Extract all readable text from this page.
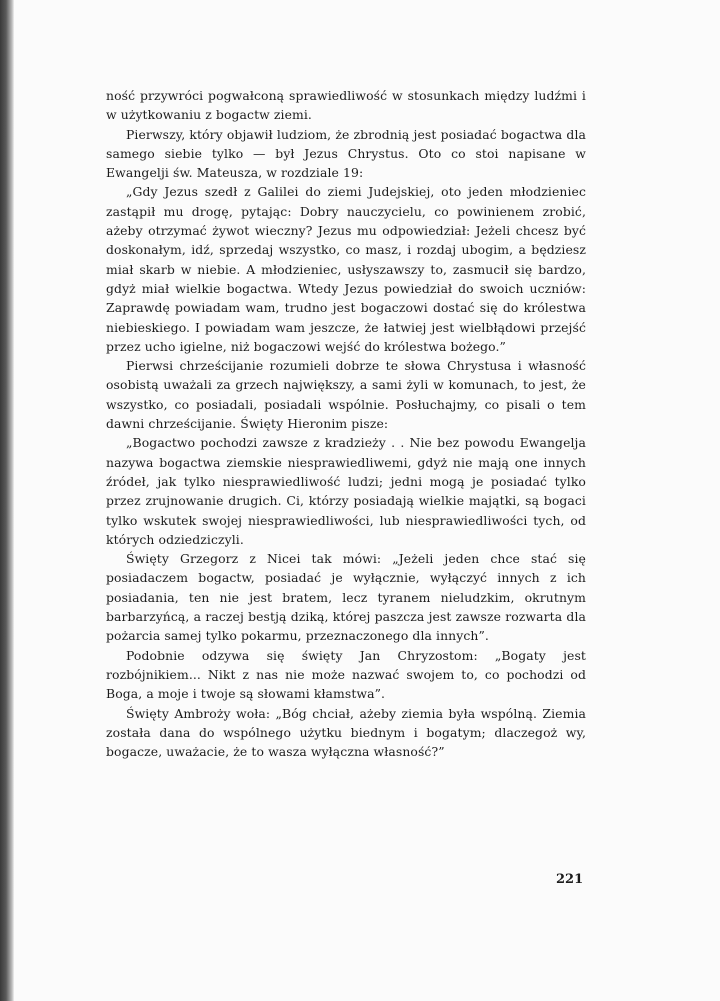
ność przywróci pogwałconą sprawiedliwość w stosunkach między ludźmi i w użytkowaniu z bogactw ziemi.

Pierwszy, który objawił ludziom, że zbrodnią jest posiadać bogactwa dla samego siebie tylko — był Jezus Chrystus. Oto co stoi napisane w Ewangelji św. Mateusza, w rozdziale 19:

„Gdy Jezus szedł z Galilei do ziemi Judejskiej, oto jeden młodzieniec zastąpił mu drogę, pytając: Dobry nauczycielu, co powinienem zrobić, ażeby otrzymać żywot wieczny? Jezus mu odpowiedział: Jeżeli chcesz być doskonałym, idź, sprzedaj wszystko, co masz, i rozdaj ubogim, a będziesz miał skarb w niebie. A młodzieniec, usłyszawszy to, zasmucił się bardzo, gdyż miał wielkie bogactwa. Wtedy Jezus powiedział do swoich uczniów: Zaprawdę powiadam wam, trudno jest bogaczowi dostać się do królestwa niebieskiego. I powiadam wam jeszcze, że łatwiej jest wielbłądowi przejść przez ucho igielne, niż bogaczowi wejść do królestwa bożego.”

Pierwsi chrześcijanie rozumieli dobrze te słowa Chrystusa i własność osobistą uważali za grzech największy, a sami żyli w komunach, to jest, że wszystko, co posiadali, posiadali wspólnie. Posłuchajmy, co pisali o tem dawni chrześcijanie. Święty Hieronim pisze:

„Bogactwo pochodzi zawsze z kradzieży . . Nie bez powodu Ewangelja nazywa bogactwa ziemskie niesprawiedliwemi, gdyż nie mają one innych źródeł, jak tylko niesprawiedliwość ludzi; jedni mogą je posiadać tylko przez zrujnowanie drugich. Ci, którzy posiadają wielkie majątki, są bogaci tylko wskutek swojej niesprawiedliwości, lub niesprawiedliwości tych, od których odziedziczyli.

Święty Grzegorz z Nicei tak mówi: „Jeżeli jeden chce stać się posiadaczem bogactw, posiadać je wyłącznie, wyłączyć innych z ich posiadania, ten nie jest bratem, lecz tyranem nieludzkim, okrutnym barbarzyńcą, a raczej bestją dziką, której paszcza jest zawsze rozwarta dla pożarcia samej tylko pokarmu, przeznaczonego dla innych”.

Podobnie odzywa się święty Jan Chryzostom: „Bogaty jest rozbójnikiem... Nikt z nas nie może nazwać swojem to, co pochodzi od Boga, a moje i twoje są słowami kłamstwa”.

Święty Ambroży woła: „Bóg chciał, ażeby ziemia była wspólną. Ziemia została dana do wspólnego użytku biednym i bogatym; dlaczegoż wy, bogacze, uważacie, że to wasza wyłączna własność?”

221
